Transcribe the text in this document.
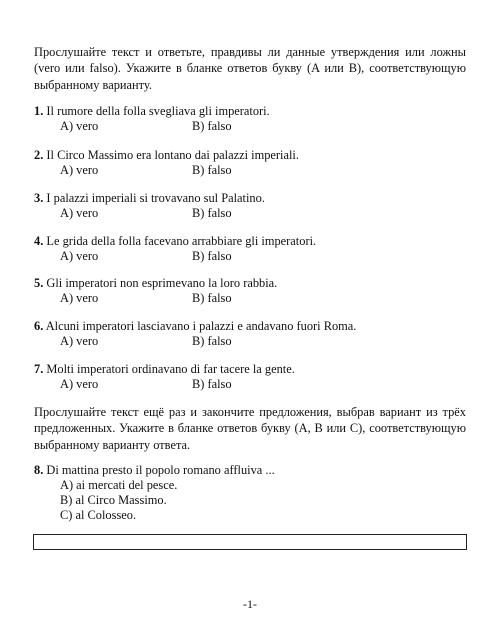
Прослушайте текст и ответьте, правдивы ли данные утверждения или ложны (vero или falso). Укажите в бланке ответов букву (A или B), соответствующую выбранному варианту.
1. Il rumore della folla svegliava gli imperatori.
A) vero	B) falso
2. Il Circo Massimo era lontano dai palazzi imperiali.
A) vero	B) falso
3. I palazzi imperiali si trovavano sul Palatino.
A) vero	B) falso
4. Le grida della folla facevano arrabbiare gli imperatori.
A) vero	B) falso
5. Gli imperatori non esprimevano la loro rabbia.
A) vero	B) falso
6. Alcuni imperatori lasciavano i palazzi e andavano fuori Roma.
A) vero	B) falso
7. Molti imperatori ordinavano di far tacere la gente.
A) vero	B) falso
Прослушайте текст ещё раз и закончите предложения, выбрав вариант из трёх предложенных. Укажите в бланке ответов букву (A, B или C), соответствующую выбранному варианту ответа.
8. Di mattina presto il popolo romano affluiva ...
A) ai mercati del pesce.
B) al Circo Massimo.
C) al Colosseo.
-1-
